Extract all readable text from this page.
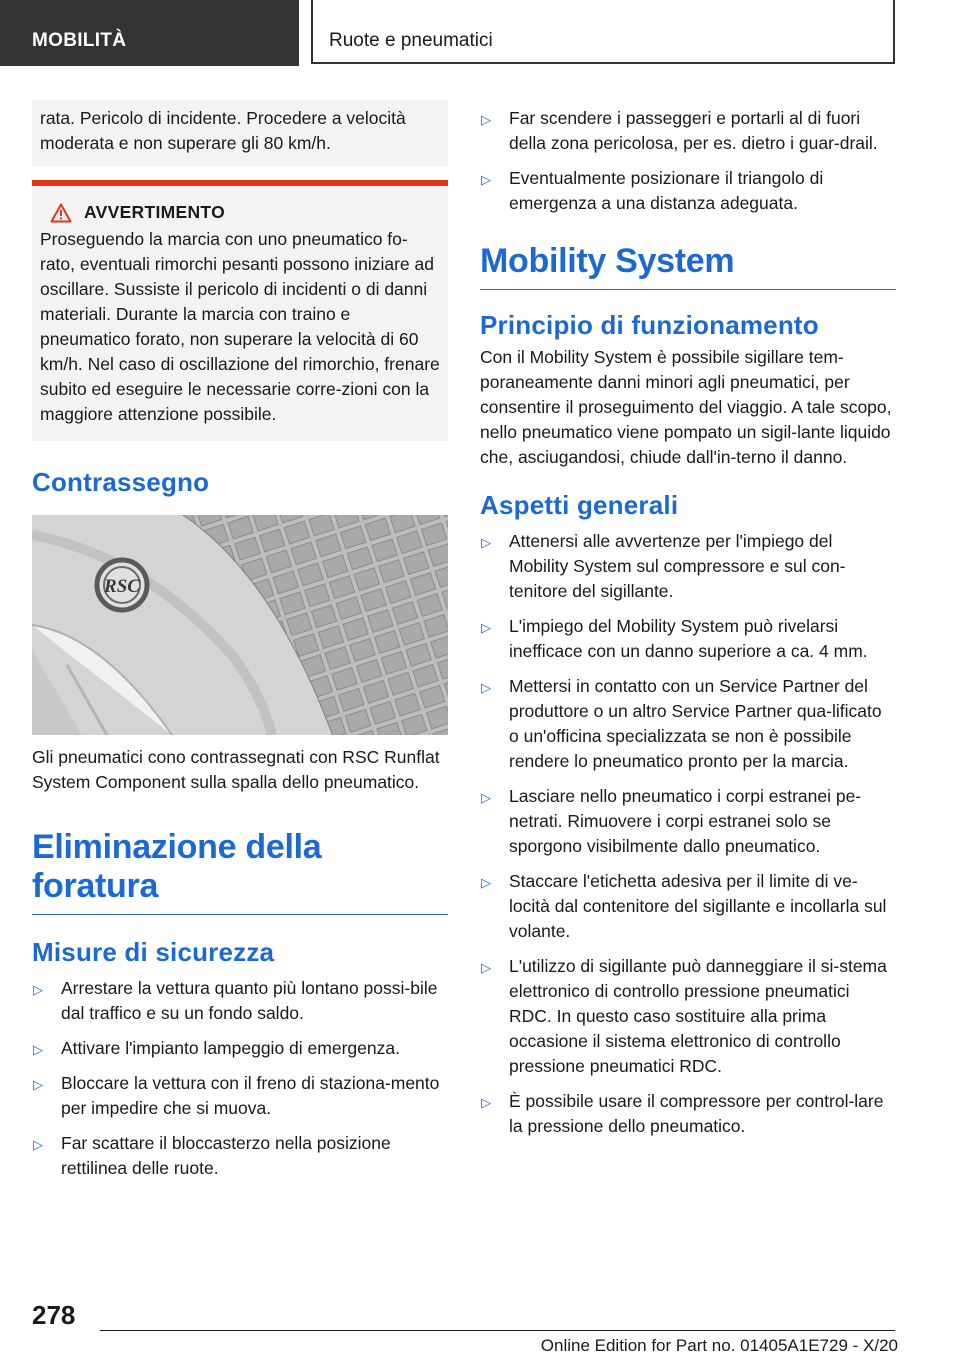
MOBILITÀ	Ruote e pneumatici

rata. Pericolo di incidente. Procedere a velocità moderata e non superare gli 80 km/h.

AVVERTIMENTO

Proseguendo la marcia con uno pneumatico fo‐rato, eventuali rimorchi pesanti possono iniziare ad oscillare. Sussiste il pericolo di incidenti o di danni materiali. Durante la marcia con traino e pneumatico forato, non superare la velocità di 60 km/h. Nel caso di oscillazione del rimorchio, frenare subito ed eseguire le necessarie corre‐zioni con la maggiore attenzione possibile.

Contrassegno
RSC

Gli pneumatici cono contrassegnati con RSC Runflat System Component sulla spalla dello pneumatico.

Eliminazione della foratura
Misure di sicurezza
▷ Arrestare la vettura quanto più lontano possi‐bile dal traffico e su un fondo saldo.
▷ Attivare l'impianto lampeggio di emergenza.
▷ Bloccare la vettura con il freno di staziona‐mento per impedire che si muova.
▷ Far scattare il bloccasterzo nella posizione rettilinea delle ruote.
▷ Far scendere i passeggeri e portarli al di fuori della zona pericolosa, per es. dietro i guar‐drail.
▷ Eventualmente posizionare il triangolo di emergenza a una distanza adeguata.
Mobility System
Principio di funzionamento

Con il Mobility System è possibile sigillare tem‐poraneamente danni minori agli pneumatici, per consentire il proseguimento del viaggio. A tale scopo, nello pneumatico viene pompato un sigil‐lante liquido che, asciugandosi, chiude dall'in‐terno il danno.

Aspetti generali
▷ Attenersi alle avvertenze per l'impiego del Mobility System sul compressore e sul con‐tenitore del sigillante.
▷ L'impiego del Mobility System può rivelarsi inefficace con un danno superiore a ca. 4 mm.
▷ Mettersi in contatto con un Service Partner del produttore o un altro Service Partner qua‐lificato o un'officina specializzata se non è possibile rendere lo pneumatico pronto per la marcia.
▷ Lasciare nello pneumatico i corpi estranei pe‐netrati. Rimuovere i corpi estranei solo se sporgono visibilmente dallo pneumatico.
▷ Staccare l'etichetta adesiva per il limite di ve‐locità dal contenitore del sigillante e incollarla sul volante.
▷ L'utilizzo di sigillante può danneggiare il si‐stema elettronico di controllo pressione pneumatici RDC. In questo caso sostituire alla prima occasione il sistema elettronico di controllo pressione pneumatici RDC.
▷ È possibile usare il compressore per control‐lare la pressione dello pneumatico.
278
Online Edition for Part no. 01405A1E729 - X/20
